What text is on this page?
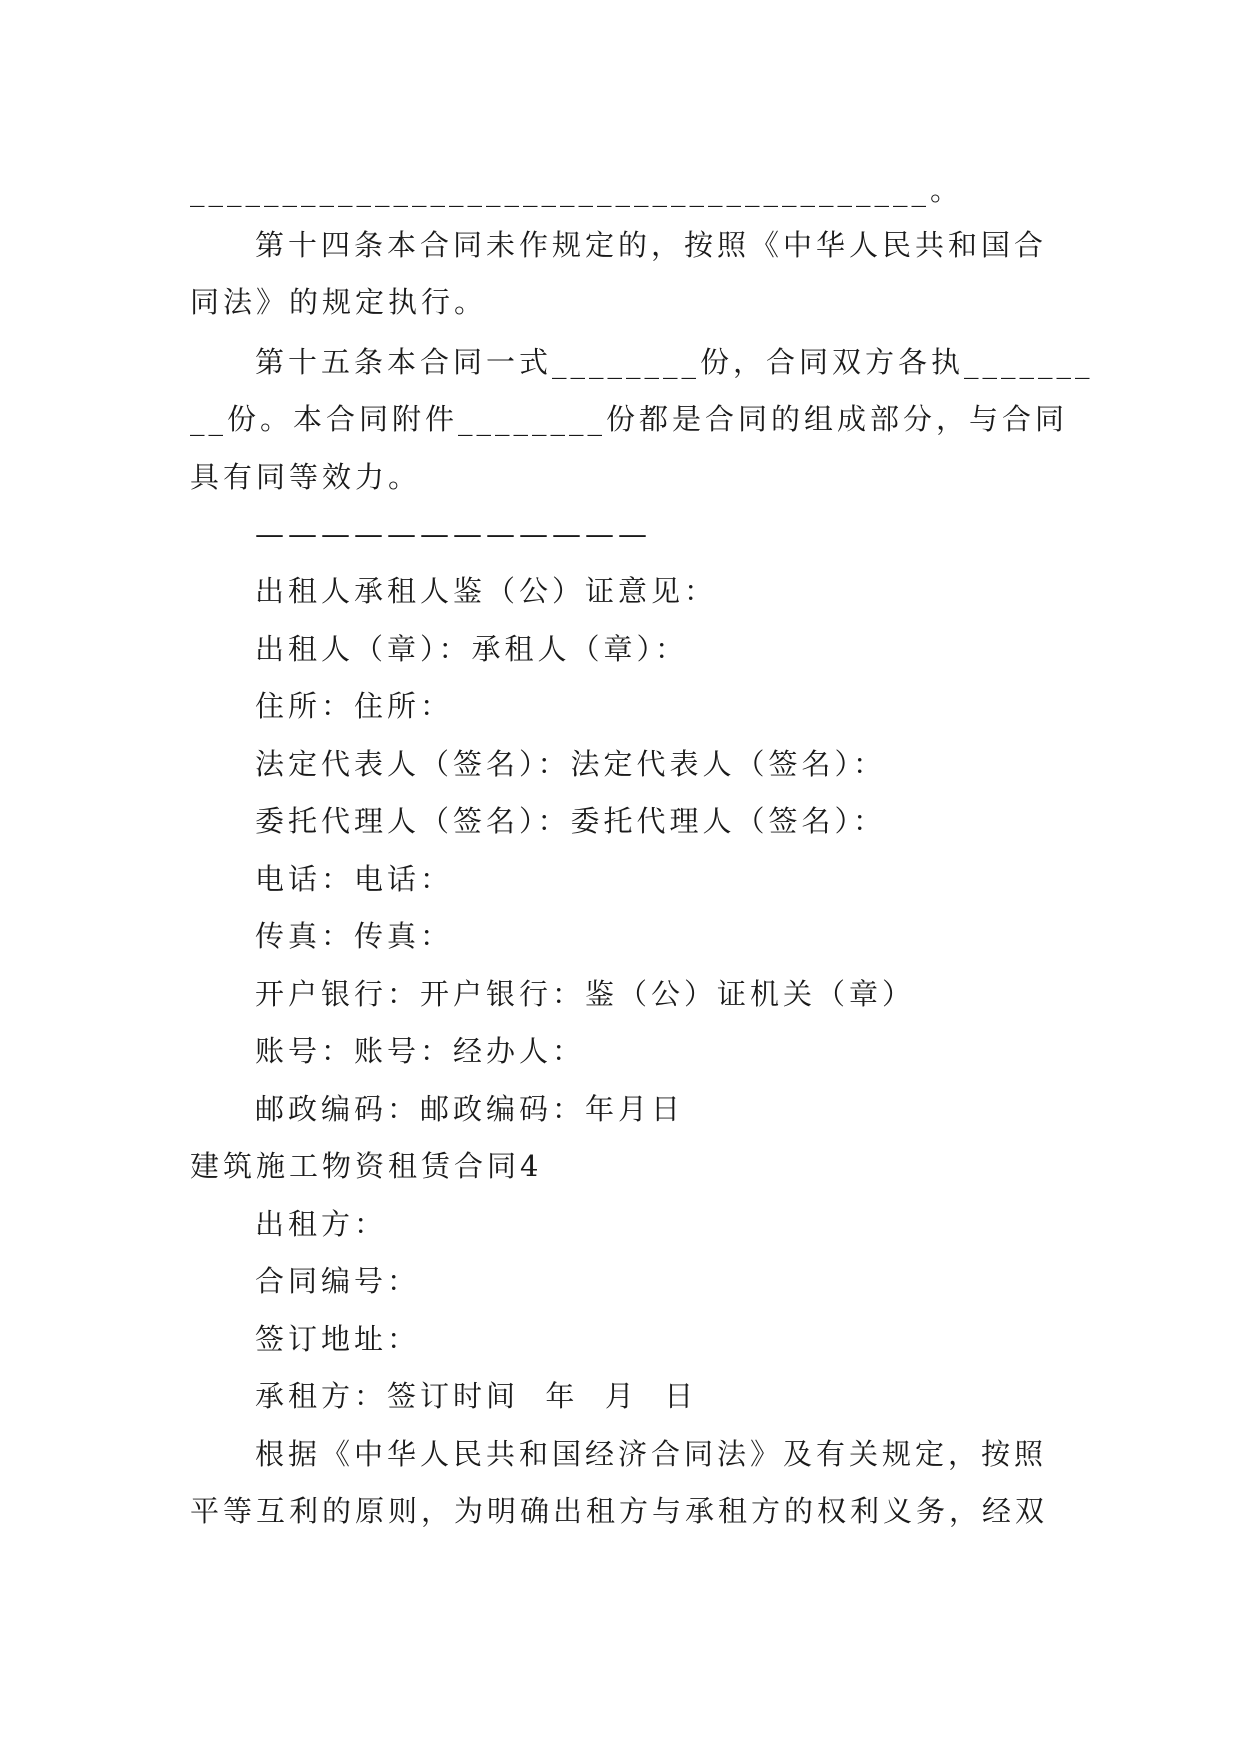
________________________________________。
第十四条本合同未作规定的，按照《中华人民共和国合
同法》的规定执行。
第十五条本合同一式________份，合同双方各执_______
__份。本合同附件________份都是合同的组成部分，与合同
具有同等效力。
————————————
出租人承租人鉴（公）证意见：
出租人（章）：承租人（章）：
住所：住所：
法定代表人（签名）：法定代表人（签名）：
委托代理人（签名）：委托代理人（签名）：
电话：电话：
传真：传真：
开户银行：开户银行：鉴（公）证机关（章）
账号：账号：经办人：
邮政编码：邮政编码：年月日
建筑施工物资租赁合同4
出租方：
合同编号：
签订地址：
承租方：签订时间  年  月  日
根据《中华人民共和国经济合同法》及有关规定，按照
平等互利的原则，为明确出租方与承租方的权利义务，经双
